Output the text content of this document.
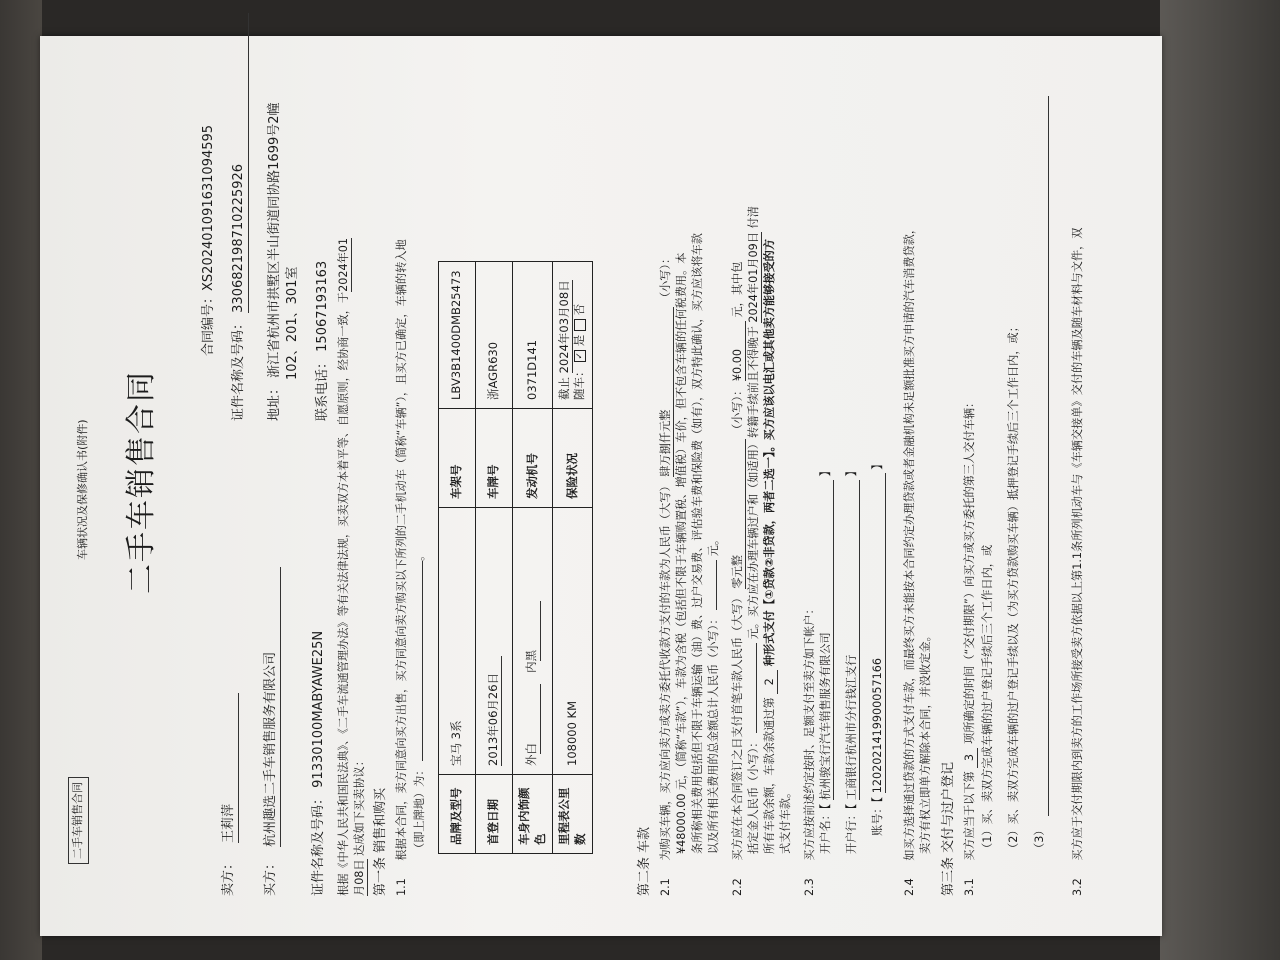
二手车销售合同
车辆状况及保修确认书(附件) 二手车销售合同
合同编号：XS202401091631094595
卖方： 王莉萍
证件名称及号码： 330682198710225926
买方： 杭州趣选二手车销售服务有限公司
地址： 浙江省杭州市拱墅区半山街道同协路1699号2幢 102、201、301室
证件名称及号码： 91330100MABYAWE25N
联系电话： 15067193163 根据《中华人民共和国民法典》、《二手车流通管理办法》等有关法律法规，买卖双方本着平等、自愿原则，经协商一致，于2024年01
月08日 达成如下买卖协议： 第一条 销售和购买 1.1 根据本合同，卖方同意向买方出售，买方同意向卖方购买以下所列的二手机动车（简称“车辆”），且买方已确定，车辆的转入地 （即上牌地）为： 。
品牌及型号	宝马 3系	车架号	LBV3B1400DMB25473
首登日期	2013年06月26日	车牌号	浙AGR630
车身内饰颜色	外白 内黑	发动机号	0371D141
里程表公里数	108000 KM	保险状况	截止 2024年03月08日
随车： ✓ 是  否
第二条 车款 2.1 为购买车辆，买方应向卖方或卖方委托代收款方支付的车款为人民币（大写） 肆万捌仟元整 （小写）：
¥48000.00 元，（简称“车款”），车款为含税（包括但不限于车辆购置税、增值税）车价，但不包含车辆的任何税费用。本 条所称相关费用包括但不限于车辆运输（油）费、过户交易费、评估验车费和保险费（如有），双方特此确认，买方应该将车款 以及所有相关费用的总金额总计人民币（小写）：  元。
2.2 买方应在本合同签订之日支付首笔车款人民币（大写） 零元整 （小写）： ¥0.00 元，其中包
括定金人民币（小写）：  元。买方应在办理车辆过户和（如适用）转籍手续前且不得晚于 2024年01月09日 付清
所有车款余额，车款余款通过第 2 种形式支付【①贷款②非贷款，两者二选一】。买方应该以电汇或其他卖方能够接受的方
式支付车款。
2.3 买方应按前述约定按时、足额支付至卖方如下帐户： 开户名：【 杭州骏宝行汽车销售服务有限公司 】
开户行：【 工商银行杭州市分行钱江支行 】
账号：【 1202021419900057166 】
2.4 如买方选择通过贷款的方式支付车款，而最终买方未能按本合同约定办理贷款或者金融机构未足额批准买方申请的汽车消费贷款， 卖方有权立即单方解除本合同，并没收定金。 第三条 交付与过户登记 3.1 买方应当于以下第 3 项所确定的时间（“交付期限”）向买方或买方委托的第三人交付车辆： （1）买、卖双方完成车辆的过户登记手续后三个工作日内，或 （2）买、卖双方完成车辆的过户登记手续以及（为买方贷款购买车辆）抵押登记手续后三个工作日内，或； （3）
3.2 买方应于交付期限内到卖方的工作场所接受卖方依据以上第1.1条所列机动车与《车辆交接单》交付的车辆及随车材料与文件，双
